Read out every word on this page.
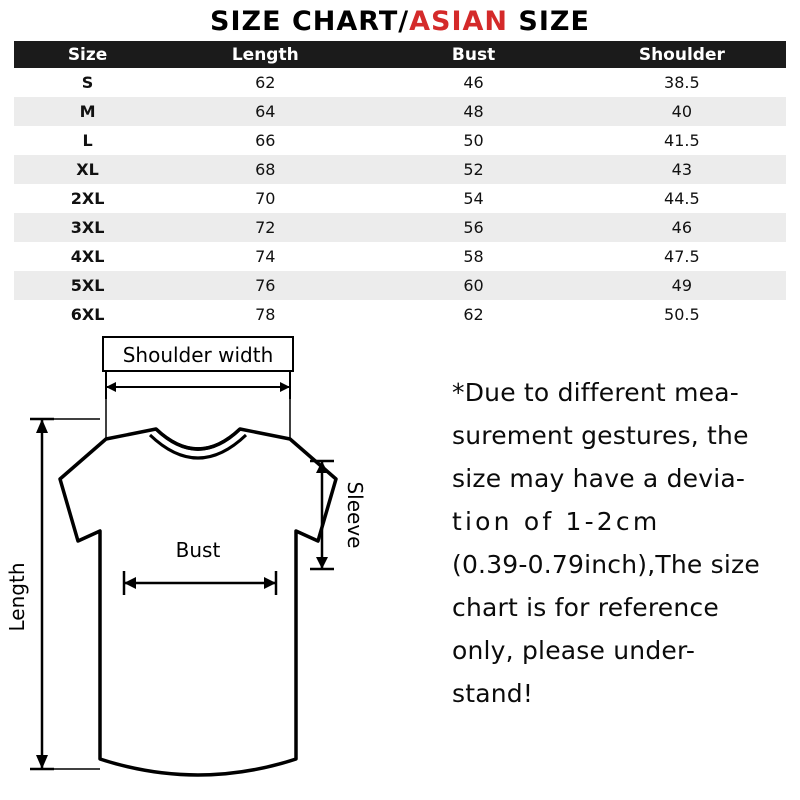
SIZE CHART/ASIAN SIZE
Size	Length	Bust	Shoulder
S	62	46	38.5
M	64	48	40
L	66	50	41.5
XL	68	52	43
2XL	70	54	44.5
3XL	72	56	46
4XL	74	58	47.5
5XL	76	60	49
6XL	78	62	50.5
Shoulder width
Bust
Sleeve
Length
*Due to different mea-
surement gestures, the
size may have a devia-
tion of 1-2cm
(0.39-0.79inch),The size
chart is for reference
only, please under-
stand!
